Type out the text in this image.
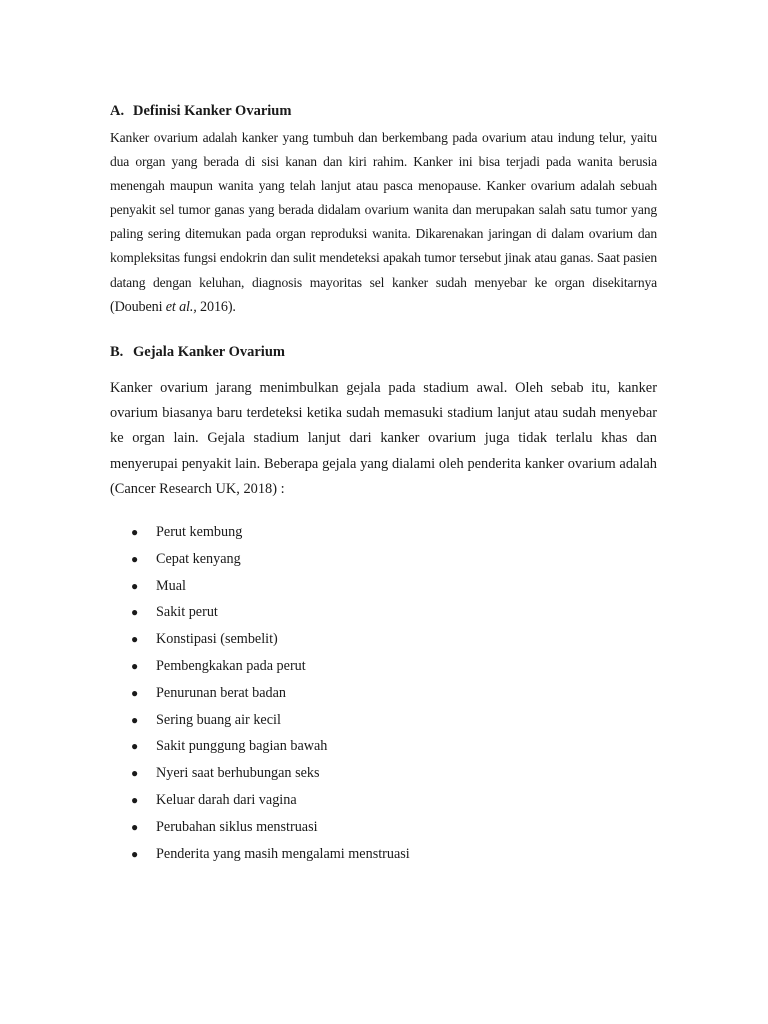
A. Definisi Kanker Ovarium

Kanker ovarium adalah kanker yang tumbuh dan berkembang pada ovarium atau indung telur, yaitu dua organ yang berada di sisi kanan dan kiri rahim. Kanker ini bisa terjadi pada wanita berusia menengah maupun wanita yang telah lanjut atau pasca menopause. Kanker ovarium adalah sebuah penyakit sel tumor ganas yang berada didalam ovarium wanita dan merupakan salah satu tumor yang paling sering ditemukan pada organ reproduksi wanita. Dikarenakan jaringan di dalam ovarium dan kompleksitas fungsi endokrin dan sulit mendeteksi apakah tumor tersebut jinak atau ganas. Saat pasien datang dengan keluhan, diagnosis mayoritas sel kanker sudah menyebar ke organ disekitarnya (Doubeni et al., 2016).

B. Gejala Kanker Ovarium

Kanker ovarium jarang menimbulkan gejala pada stadium awal. Oleh sebab itu, kanker ovarium biasanya baru terdeteksi ketika sudah memasuki stadium lanjut atau sudah menyebar ke organ lain. Gejala stadium lanjut dari kanker ovarium juga tidak terlalu khas dan menyerupai penyakit lain. Beberapa gejala yang dialami oleh penderita kanker ovarium adalah (Cancer Research UK, 2018) :

● Perut kembung
● Cepat kenyang
● Mual
● Sakit perut
● Konstipasi (sembelit)
● Pembengkakan pada perut
● Penurunan berat badan
● Sering buang air kecil
● Sakit punggung bagian bawah
● Nyeri saat berhubungan seks
● Keluar darah dari vagina
● Perubahan siklus menstruasi
● Penderita yang masih mengalami menstruasi
